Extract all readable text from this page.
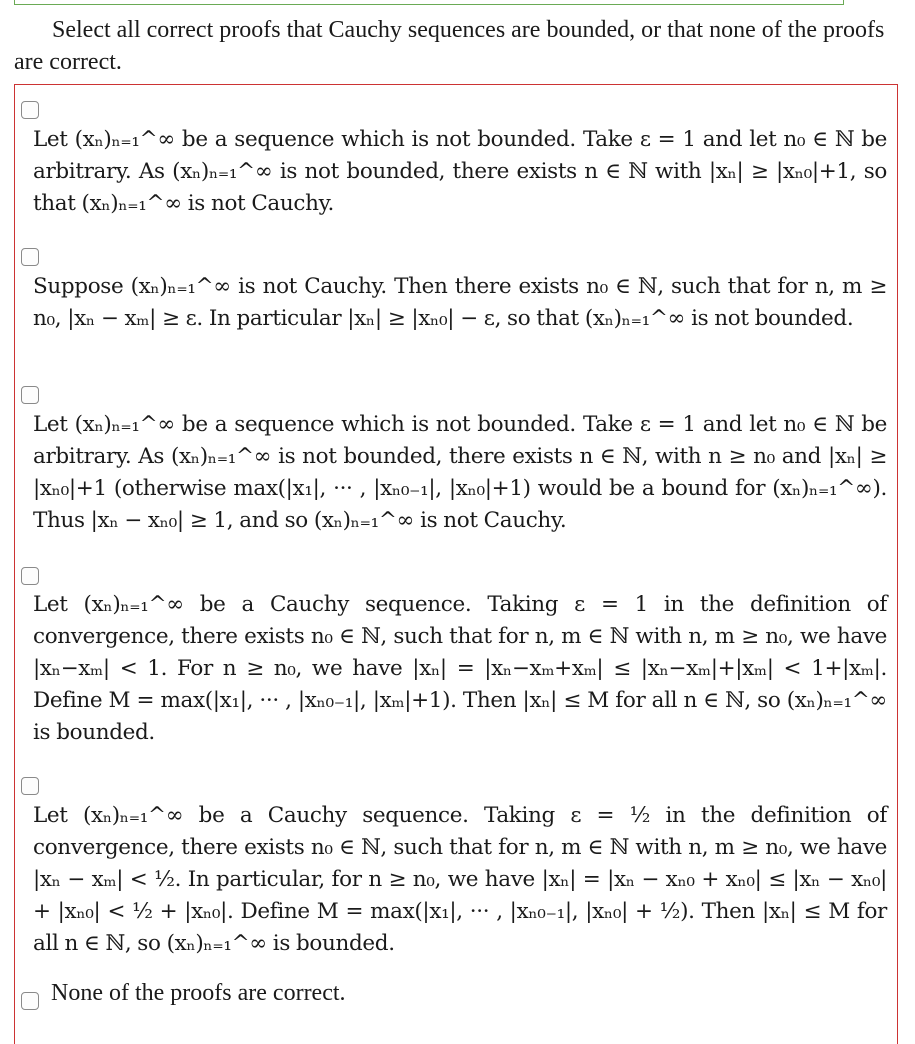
Select all correct proofs that Cauchy sequences are bounded, or that none of the proofs are correct.

Let (xₙ)ₙ₌₁^∞ be a sequence which is not bounded. Take ε = 1 and let n₀ ∈ ℕ be arbitrary. As (xₙ)ₙ₌₁^∞ is not bounded, there exists n ∈ ℕ with |xₙ| ≥ |xₙ₀|+1, so that (xₙ)ₙ₌₁^∞ is not Cauchy.

Suppose (xₙ)ₙ₌₁^∞ is not Cauchy. Then there exists n₀ ∈ ℕ, such that for n, m ≥ n₀, |xₙ − xₘ| ≥ ε. In particular |xₙ| ≥ |xₙ₀| − ε, so that (xₙ)ₙ₌₁^∞ is not bounded.

Let (xₙ)ₙ₌₁^∞ be a sequence which is not bounded. Take ε = 1 and let n₀ ∈ ℕ be arbitrary. As (xₙ)ₙ₌₁^∞ is not bounded, there exists n ∈ ℕ, with n ≥ n₀ and |xₙ| ≥ |xₙ₀|+1 (otherwise max(|x₁|, ··· , |xₙ₀₋₁|, |xₙ₀|+1) would be a bound for (xₙ)ₙ₌₁^∞). Thus |xₙ − xₙ₀| ≥ 1, and so (xₙ)ₙ₌₁^∞ is not Cauchy.

Let (xₙ)ₙ₌₁^∞ be a Cauchy sequence. Taking ε = 1 in the definition of convergence, there exists n₀ ∈ ℕ, such that for n, m ∈ ℕ with n, m ≥ n₀, we have |xₙ−xₘ| < 1. For n ≥ n₀, we have |xₙ| = |xₙ−xₘ+xₘ| ≤ |xₙ−xₘ|+|xₘ| < 1+|xₘ|. Define M = max(|x₁|, ··· , |xₙ₀₋₁|, |xₘ|+1). Then |xₙ| ≤ M for all n ∈ ℕ, so (xₙ)ₙ₌₁^∞ is bounded.

Let (xₙ)ₙ₌₁^∞ be a Cauchy sequence. Taking ε = ½ in the definition of convergence, there exists n₀ ∈ ℕ, such that for n, m ∈ ℕ with n, m ≥ n₀, we have |xₙ − xₘ| < ½. In particular, for n ≥ n₀, we have |xₙ| = |xₙ − xₙ₀ + xₙ₀| ≤ |xₙ − xₙ₀| + |xₙ₀| < ½ + |xₙ₀|. Define M = max(|x₁|, ··· , |xₙ₀₋₁|, |xₙ₀| + ½). Then |xₙ| ≤ M for all n ∈ ℕ, so (xₙ)ₙ₌₁^∞ is bounded.

None of the proofs are correct.
